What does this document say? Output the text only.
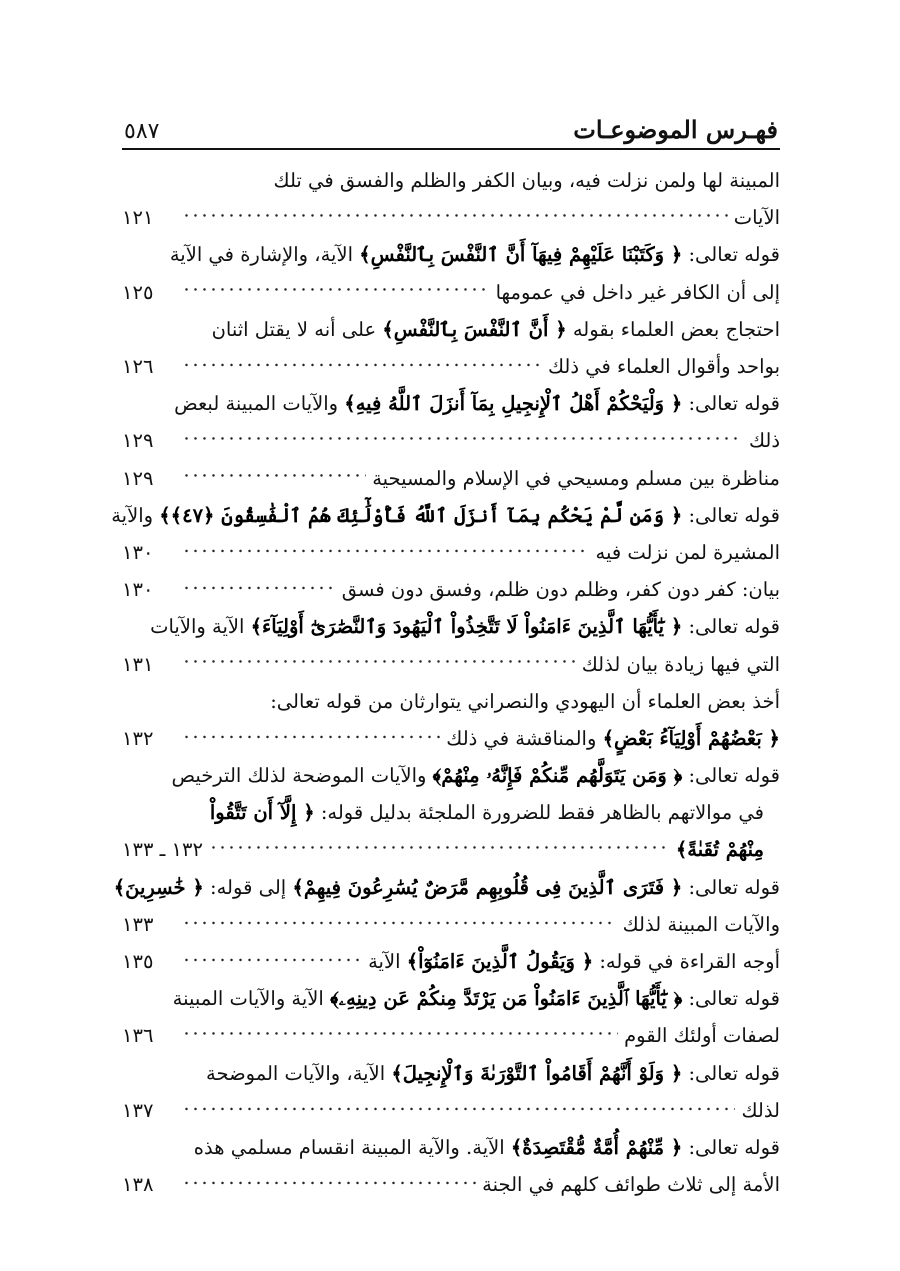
فهـرس الموضوعـات
٥٨٧
المبينة لها ولمن نزلت فيه، وبيان الكفر والظلم والفسق في تلك
الآيات
١٢١
قوله تعالى: ﴿ وَكَتَبْنَا عَلَيْهِمْ فِيهَآ أَنَّ ٱلنَّفْسَ بِٱلنَّفْسِ﴾ الآية، والإشارة في الآية
إلى أن الكافر غير داخل في عمومها
١٢٥
احتجاج بعض العلماء بقوله ﴿ أَنَّ ٱلنَّفْسَ بِٱلنَّفْسِ﴾ على أنه لا يقتل اثنان
بواحد وأقوال العلماء في ذلك
١٢٦
قوله تعالى: ﴿ وَلْيَحْكُمْ أَهْلُ ٱلْإِنجِيلِ بِمَآ أَنزَلَ ٱللَّهُ فِيهِ﴾ والآيات المبينة لبعض
ذلك
١٢٩
مناظرة بين مسلم ومسيحي في الإسلام والمسيحية
١٢٩
قوله تعالى: ﴿ وَمَن لَّمْ يَحْكُم بِمَآ أَنزَلَ ٱللَّهُ فَأُوْلَٰٓئِكَ هُمُ ٱلْفَٰسِقُونَ ﴿٤٧﴾﴾ والآية
المشيرة لمن نزلت فيه
١٣٠
بيان: كفر دون كفر، وظلم دون ظلم، وفسق دون فسق
١٣٠
قوله تعالى: ﴿ يَٰٓأَيُّهَا ٱلَّذِينَ ءَامَنُواْ لَا تَتَّخِذُواْ ٱلْيَهُودَ وَٱلنَّصَٰرَىٰٓ أَوْلِيَآءَ﴾ الآية والآيات
التي فيها زيادة بيان لذلك
١٣١
أخذ بعض العلماء أن اليهودي والنصراني يتوارثان من قوله تعالى:
﴿ بَعْضُهُمْ أَوْلِيَآءُ بَعْضٍ﴾ والمناقشة في ذلك
١٣٢
قوله تعالى: ﴿ وَمَن يَتَوَلَّهُم مِّنكُمْ فَإِنَّهُۥ مِنْهُمْ﴾ والآيات الموضحة لذلك الترخيص
في موالاتهم بالظاهر فقط للضرورة الملجئة بدليل قوله: ﴿ إِلَّآ أَن تَتَّقُواْ
مِنْهُمْ تُقَىٰةً﴾
١٣٢ ـ ١٣٣
قوله تعالى: ﴿ فَتَرَى ٱلَّذِينَ فِى قُلُوبِهِم مَّرَضٌ يُسَٰرِعُونَ فِيهِمْ﴾ إلى قوله: ﴿ خَٰسِرِينَ﴾
والآيات المبينة لذلك
١٣٣
أوجه القراءة في قوله: ﴿ وَيَقُولُ ٱلَّذِينَ ءَامَنُوٓاْ﴾ الآية
١٣٥
قوله تعالى: ﴿ يَٰٓأَيُّهَا ٱلَّذِينَ ءَامَنُواْ مَن يَرْتَدَّ مِنكُمْ عَن دِينِهِۦ﴾ الآية والآيات المبينة
لصفات أولئك القوم
١٣٦
قوله تعالى: ﴿ وَلَوْ أَنَّهُمْ أَقَامُواْ ٱلتَّوْرَىٰةَ وَٱلْإِنجِيلَ﴾ الآية، والآيات الموضحة
لذلك
١٣٧
قوله تعالى: ﴿ مِّنْهُمْ أُمَّةٌ مُّقْتَصِدَةٌ﴾ الآية. والآية المبينة انقسام مسلمي هذه
الأمة إلى ثلاث طوائف كلهم في الجنة
١٣٨
